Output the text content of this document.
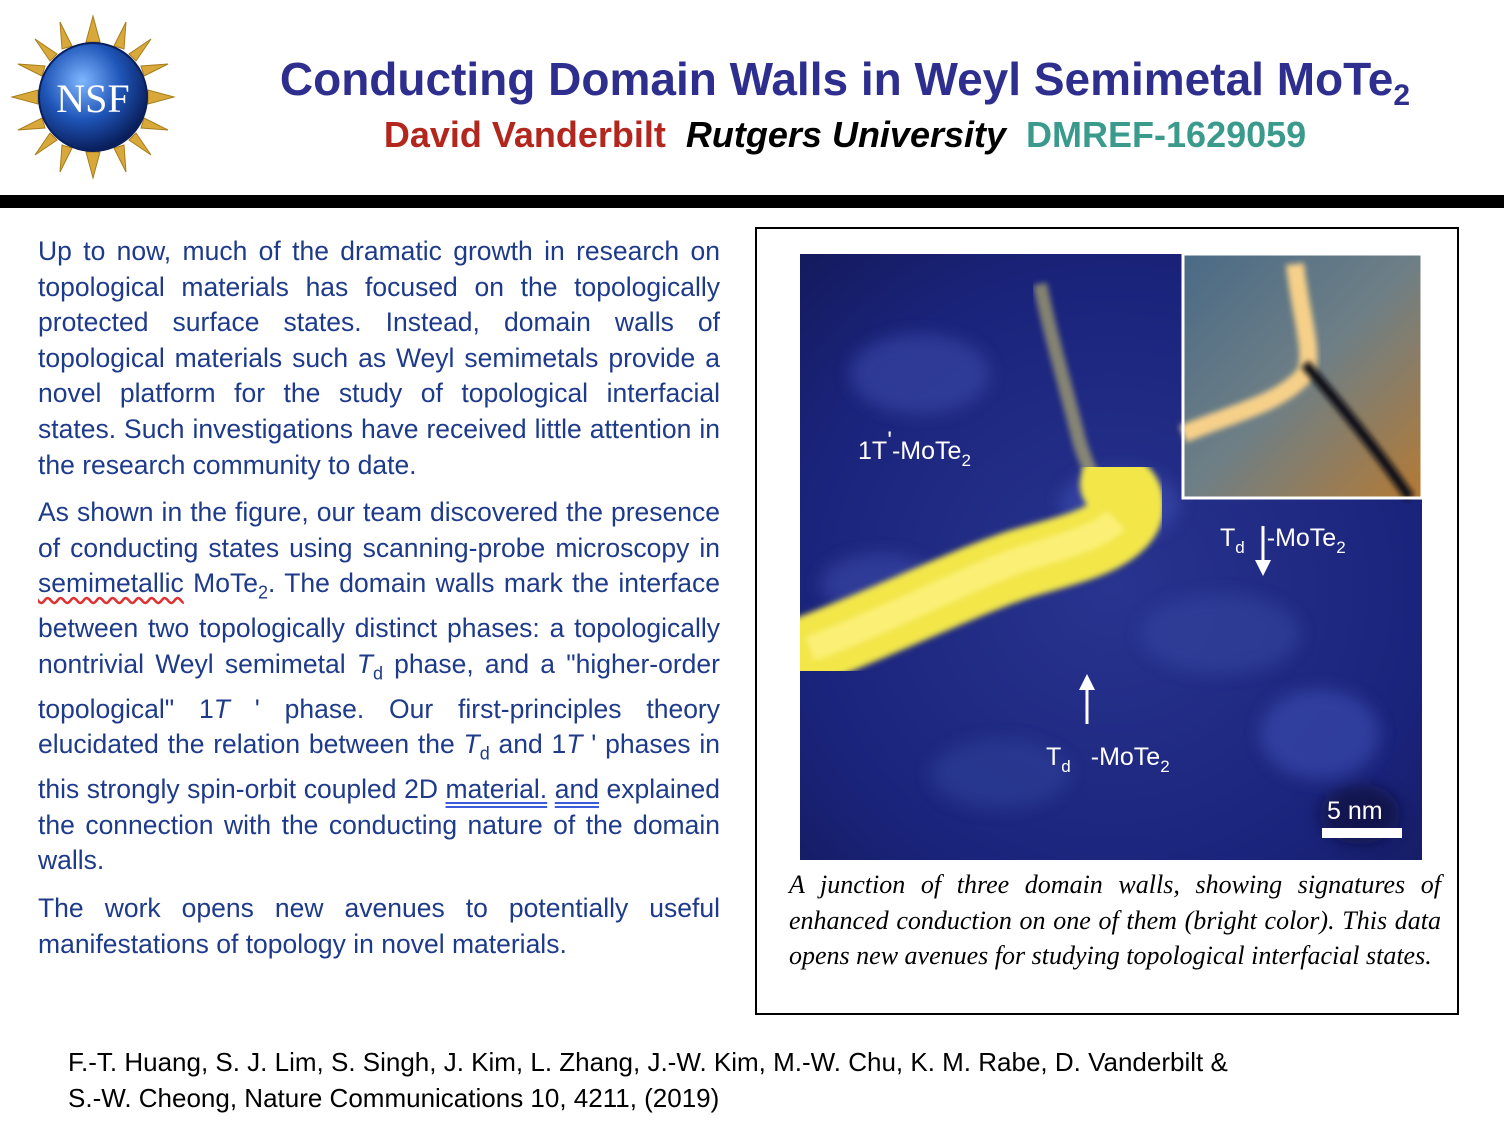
NSF	Conducting Domain Walls in Weyl Semimetal MoTe$_2$
David Vanderbilt Rutgers University DMREF-1629059

Up to now, much of the dramatic growth in research on topological materials has focused on the topologically protected surface states. Instead, domain walls of topological materials such as Weyl semimetals provide a novel platform for the study of topological interfacial states. Such investigations have received little attention in the research community to date.

As shown in the figure, our team discovered the presence of conducting states using scanning-probe microscopy in semimetallic MoTe$_2$. The domain walls mark the interface between two topologically distinct phases: a topologically nontrivial Weyl semimetal $T_d$ phase, and a "higher-order topological" 1T ' phase. Our first-principles theory elucidated the relation between the $T_d$ and 1T ' phases in this strongly spin-orbit coupled 2D material. and explained the connection with the conducting nature of the domain walls.

The work opens new avenues to potentially useful manifestations of topology in novel materials.

1T'-MoTe$_2$
$T_d$ -MoTe$_2$
$T_d$ -MoTe$_2$
5 nm
A junction of three domain walls, showing signatures of enhanced conduction on one of them (bright color). This data opens new avenues for studying topological interfacial states.
F.-T. Huang, S. J. Lim, S. Singh, J. Kim, L. Zhang, J.-W. Kim, M.-W. Chu, K. M. Rabe, D. Vanderbilt &
S.-W. Cheong, Nature Communications 10, 4211, (2019)
